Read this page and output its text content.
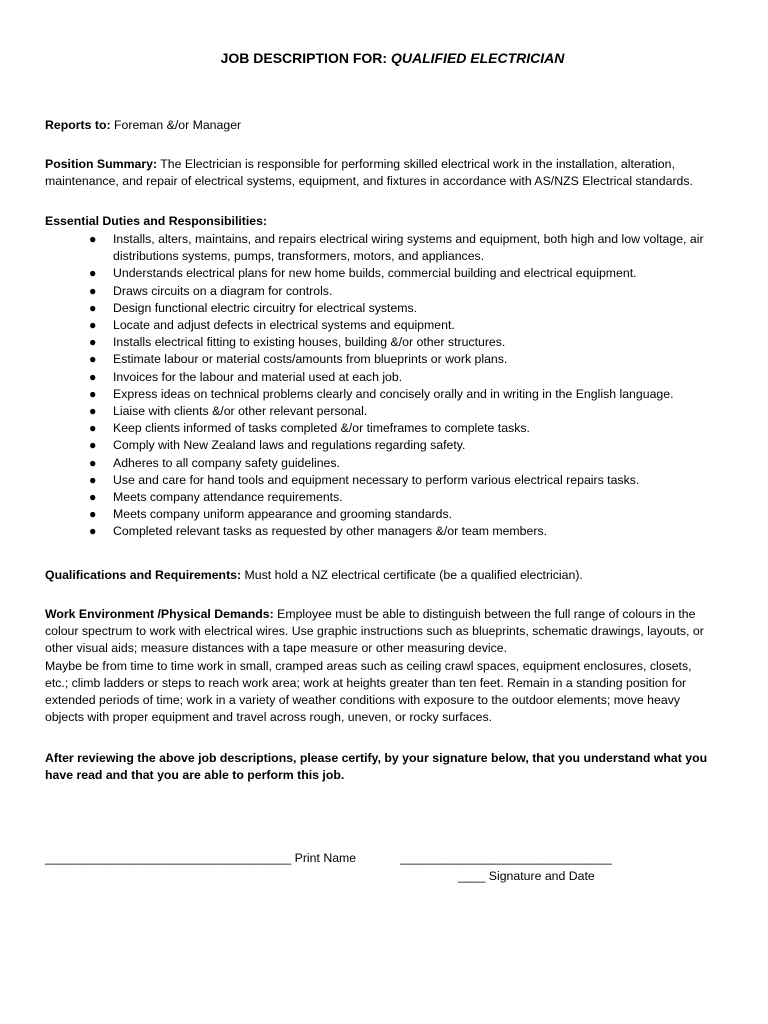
JOB DESCRIPTION FOR: QUALIFIED ELECTRICIAN

Reports to: Foreman &/or Manager

Position Summary: The Electrician is responsible for performing skilled electrical work in the installation, alteration, maintenance, and repair of electrical systems, equipment, and fixtures in accordance with AS/NZS Electrical standards.

Essential Duties and Responsibilities:

● Installs, alters, maintains, and repairs electrical wiring systems and equipment, both high and low voltage, air distributions systems, pumps, transformers, motors, and appliances.
● Understands electrical plans for new home builds, commercial building and electrical equipment.
● Draws circuits on a diagram for controls.
● Design functional electric circuitry for electrical systems.
● Locate and adjust defects in electrical systems and equipment.
● Installs electrical fitting to existing houses, building &/or other structures.
● Estimate labour or material costs/amounts from blueprints or work plans.
● Invoices for the labour and material used at each job.
● Express ideas on technical problems clearly and concisely orally and in writing in the English language.
● Liaise with clients &/or other relevant personal.
● Keep clients informed of tasks completed &/or timeframes to complete tasks.
● Comply with New Zealand laws and regulations regarding safety.
● Adheres to all company safety guidelines.
● Use and care for hand tools and equipment necessary to perform various electrical repairs tasks.
● Meets company attendance requirements.
● Meets company uniform appearance and grooming standards.
● Completed relevant tasks as requested by other managers &/or team members.

Qualifications and Requirements: Must hold a NZ electrical certificate (be a qualified electrician).

Work Environment /Physical Demands: Employee must be able to distinguish between the full range of colours in the colour spectrum to work with electrical wires. Use graphic instructions such as blueprints, schematic drawings, layouts, or other visual aids; measure distances with a tape measure or other measuring device.
Maybe be from time to time work in small, cramped areas such as ceiling crawl spaces, equipment enclosures, closets, etc.; climb ladders or steps to reach work area; work at heights greater than ten feet. Remain in a standing position for extended periods of time; work in a variety of weather conditions with exposure to the outdoor elements; move heavy objects with proper equipment and travel across rough, uneven, or rocky surfaces.

After reviewing the above job descriptions, please certify, by your signature below, that you understand what you have read and that you are able to perform this job.

____________________________________ Print Name	_______________________________
____ Signature and Date
